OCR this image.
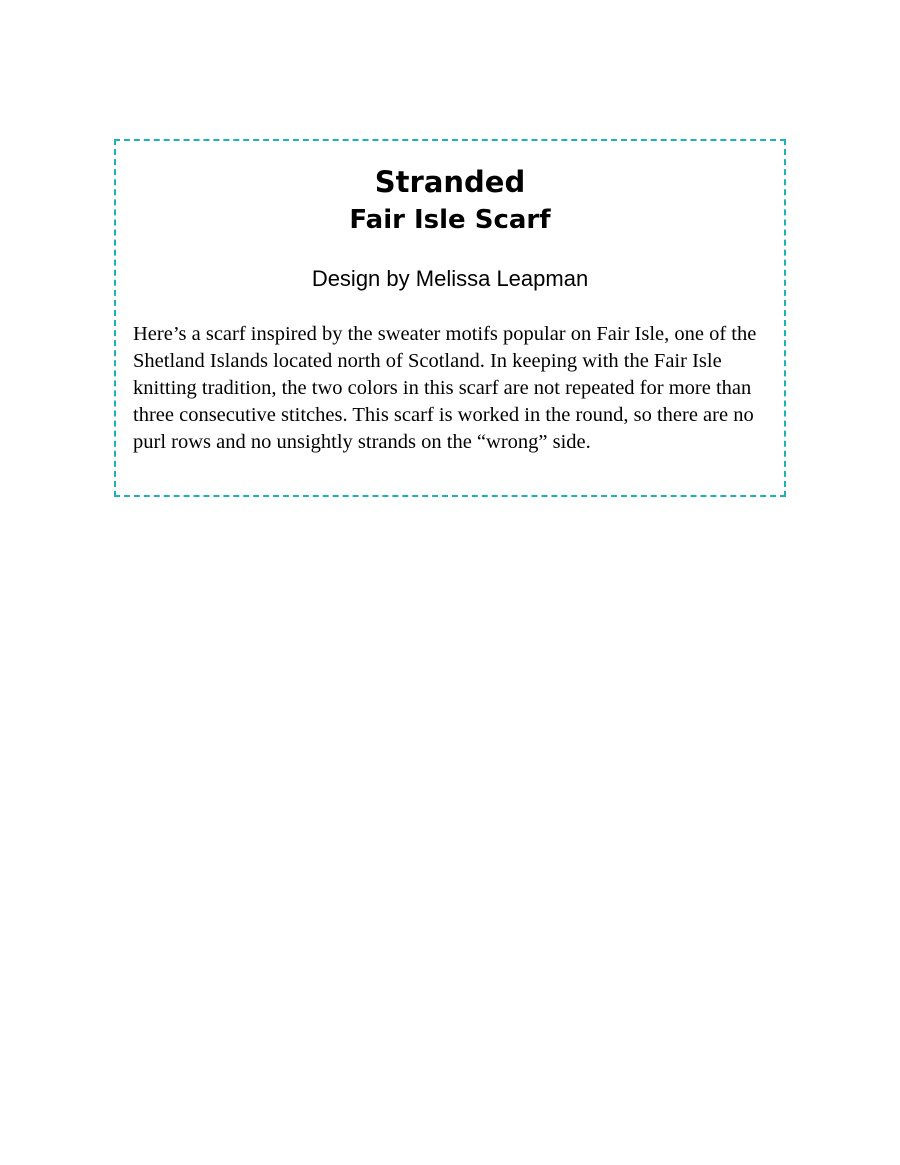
Stranded
Fair Isle Scarf

Design by Melissa Leapman

Here’s a scarf inspired by the sweater motifs popular on Fair Isle, one of the Shetland Islands located north of Scotland. In keeping with the Fair Isle knitting tradition, the two colors in this scarf are not repeated for more than three consecutive stitches. This scarf is worked in the round, so there are no purl rows and no unsightly strands on the “wrong” side.
